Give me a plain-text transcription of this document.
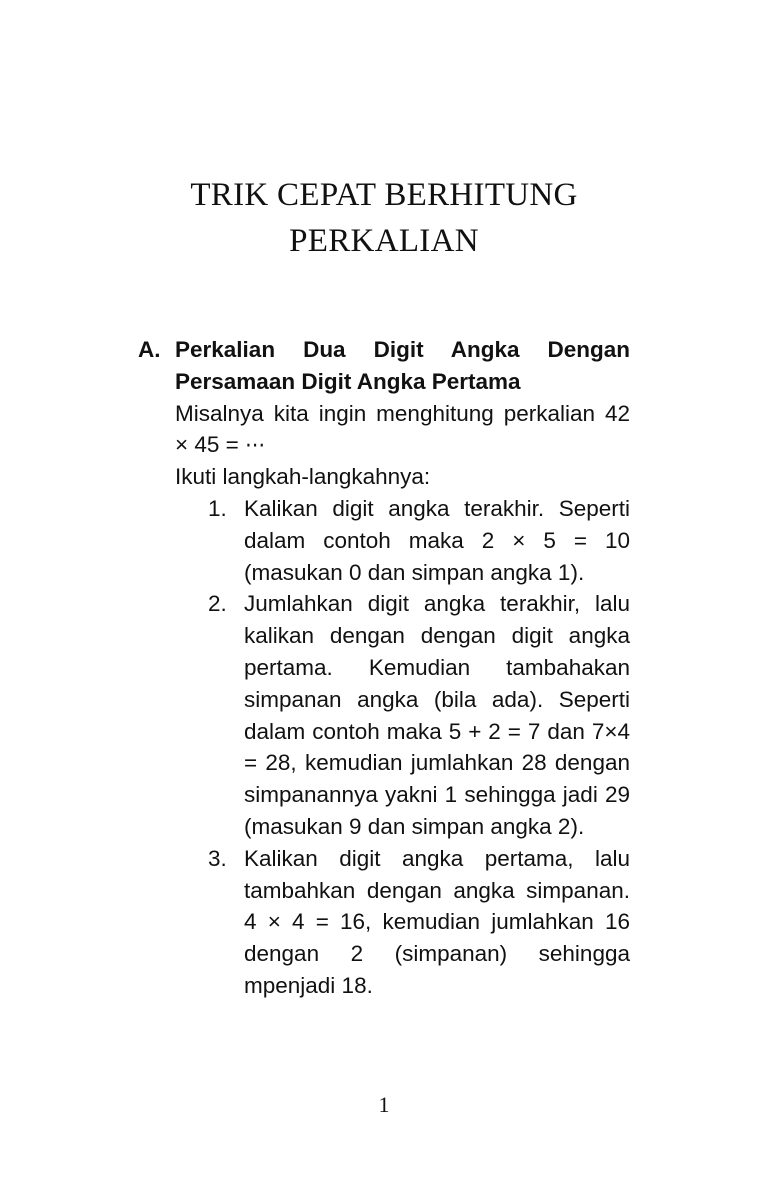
TRIK CEPAT BERHITUNG
PERKALIAN
A. Perkalian Dua Digit Angka Dengan
Persamaan Digit Angka Pertama
Misalnya kita ingin menghitung perkalian 42
× 45 = ⋯
Ikuti langkah-langkahnya:
1. Kalikan digit angka terakhir. Seperti
dalam contoh maka 2 × 5 = 10
(masukan 0 dan simpan angka 1).
2. Jumlahkan digit angka terakhir, lalu
kalikan dengan dengan digit angka
pertama. Kemudian tambahakan
simpanan angka (bila ada). Seperti
dalam contoh maka 5 + 2 = 7 dan 7×4
= 28, kemudian jumlahkan 28 dengan
simpanannya yakni 1 sehingga jadi 29
(masukan 9 dan simpan angka 2).
3. Kalikan digit angka pertama, lalu
tambahkan dengan angka simpanan.
4 × 4 = 16, kemudian jumlahkan 16
dengan 2 (simpanan) sehingga
mpenjadi 18.
1
